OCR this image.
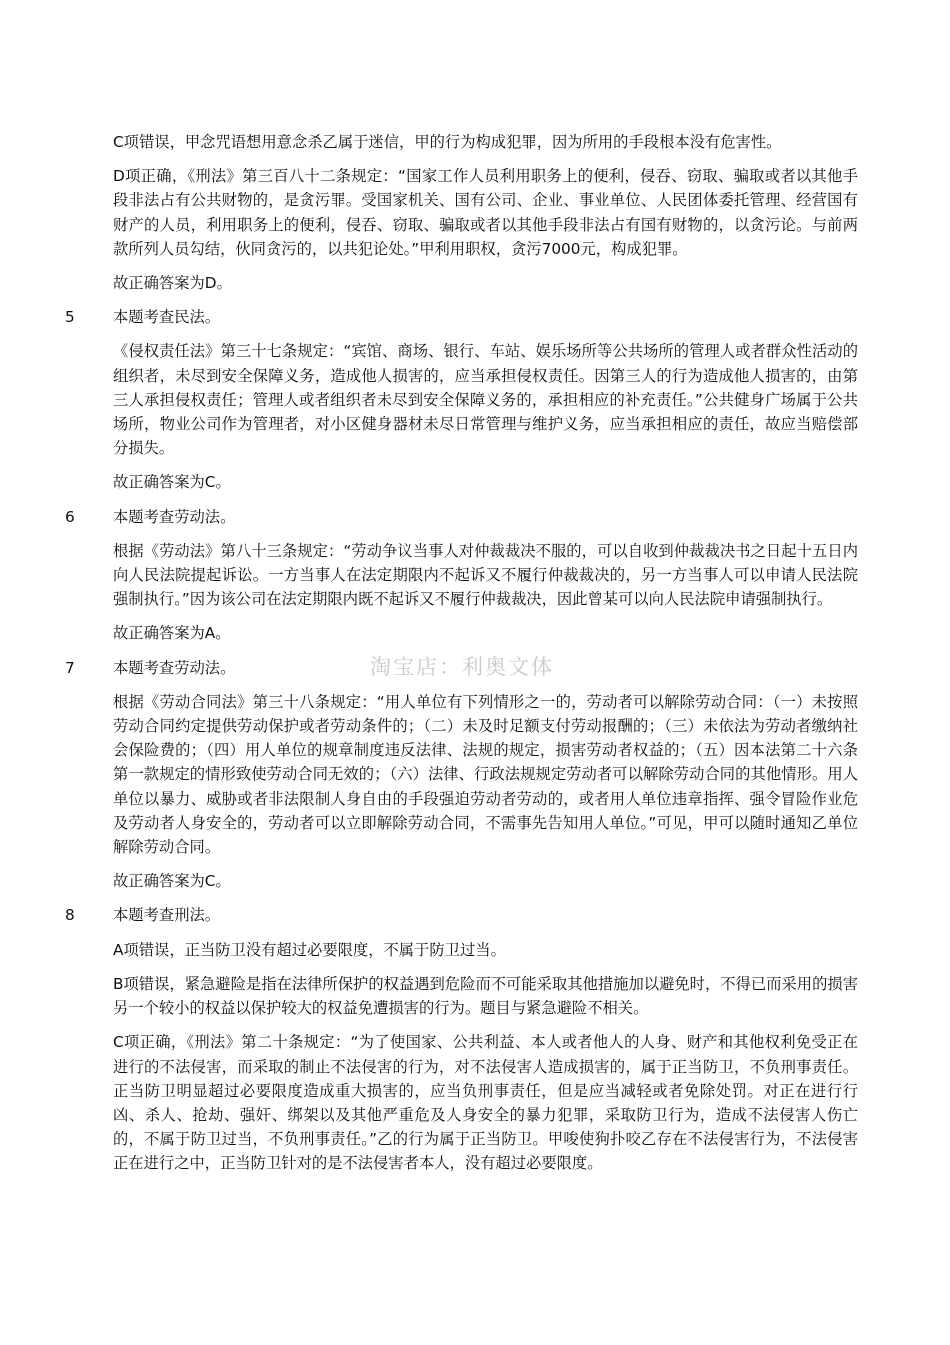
C项错误，甲念咒语想用意念杀乙属于迷信，甲的行为构成犯罪，因为所用的手段根本没有危害性。

D项正确，《刑法》第三百八十二条规定：“国家工作人员利用职务上的便利，侵吞、窃取、骗取或者以其他手段非法占有公共财物的，是贪污罪。受国家机关、国有公司、企业、事业单位、人民团体委托管理、经营国有财产的人员，利用职务上的便利，侵吞、窃取、骗取或者以其他手段非法占有国有财物的，以贪污论。与前两款所列人员勾结，伙同贪污的，以共犯论处。”甲利用职权，贪污7000元，构成犯罪。

故正确答案为D。

5	本题考查民法。

《侵权责任法》第三十七条规定：“宾馆、商场、银行、车站、娱乐场所等公共场所的管理人或者群众性活动的组织者，未尽到安全保障义务，造成他人损害的，应当承担侵权责任。因第三人的行为造成他人损害的，由第三人承担侵权责任；管理人或者组织者未尽到安全保障义务的，承担相应的补充责任。”公共健身广场属于公共场所，物业公司作为管理者，对小区健身器材未尽日常管理与维护义务，应当承担相应的责任，故应当赔偿部分损失。

故正确答案为C。

6	本题考查劳动法。

根据《劳动法》第八十三条规定：“劳动争议当事人对仲裁裁决不服的，可以自收到仲裁裁决书之日起十五日内向人民法院提起诉讼。一方当事人在法定期限内不起诉又不履行仲裁裁决的，另一方当事人可以申请人民法院强制执行。”因为该公司在法定期限内既不起诉又不履行仲裁裁决，因此曾某可以向人民法院申请强制执行。

故正确答案为A。

7	本题考查劳动法。

根据《劳动合同法》第三十八条规定：“用人单位有下列情形之一的，劳动者可以解除劳动合同：（一）未按照劳动合同约定提供劳动保护或者劳动条件的；（二）未及时足额支付劳动报酬的；（三）未依法为劳动者缴纳社会保险费的；（四）用人单位的规章制度违反法律、法规的规定，损害劳动者权益的；（五）因本法第二十六条第一款规定的情形致使劳动合同无效的；（六）法律、行政法规规定劳动者可以解除劳动合同的其他情形。用人单位以暴力、威胁或者非法限制人身自由的手段强迫劳动者劳动的，或者用人单位违章指挥、强令冒险作业危及劳动者人身安全的，劳动者可以立即解除劳动合同，不需事先告知用人单位。”可见，甲可以随时通知乙单位解除劳动合同。

故正确答案为C。

8	本题考查刑法。

A项错误，正当防卫没有超过必要限度，不属于防卫过当。

B项错误，紧急避险是指在法律所保护的权益遇到危险而不可能采取其他措施加以避免时，不得已而采用的损害另一个较小的权益以保护较大的权益免遭损害的行为。题目与紧急避险不相关。

C项正确，《刑法》第二十条规定：“为了使国家、公共利益、本人或者他人的人身、财产和其他权利免受正在进行的不法侵害，而采取的制止不法侵害的行为，对不法侵害人造成损害的，属于正当防卫，不负刑事责任。正当防卫明显超过必要限度造成重大损害的，应当负刑事责任，但是应当减轻或者免除处罚。对正在进行行凶、杀人、抢劫、强奸、绑架以及其他严重危及人身安全的暴力犯罪，采取防卫行为，造成不法侵害人伤亡的，不属于防卫过当，不负刑事责任。”乙的行为属于正当防卫。甲唆使狗扑咬乙存在不法侵害行为，不法侵害正在进行之中，正当防卫针对的是不法侵害者本人，没有超过必要限度。

淘宝店：利奥文体
